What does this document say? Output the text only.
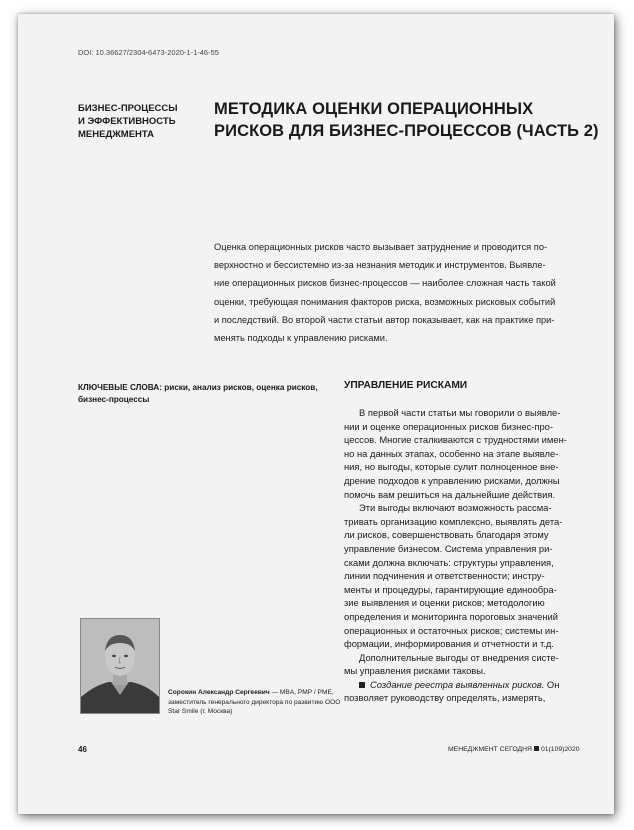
DOI: 10.36627/2304-6473-2020-1-1-46-55
БИЗНЕС-ПРОЦЕССЫ
И ЭФФЕКТИВНОСТЬ
МЕНЕДЖМЕНТА
МЕТОДИКА ОЦЕНКИ ОПЕРАЦИОННЫХ
РИСКОВ ДЛЯ БИЗНЕС-ПРОЦЕССОВ (ЧАСТЬ 2)
Оценка операционных рисков часто вызывает затруднение и проводится по-
верхностно и бессистемно из-за незнания методик и инструментов. Выявле-
ние операционных рисков бизнес-процессов — наиболее сложная часть такой
оценки, требующая понимания факторов риска, возможных рисковых событий
и последствий. Во второй части статьи автор показывает, как на практике при-
менять подходы к управлению рисками.
КЛЮЧЕВЫЕ СЛОВА: риски, анализ рисков, оценка рисков,
бизнес-процессы
Сорокин Александр Сергеевич — MBA, PMP / PME,
заместитель генерального директора по развитию ООО
Star Smile (г. Москва)
УПРАВЛЕНИЕ РИСКАМИ
В первой части статьи мы говорили о выявле-
нии и оценке операционных рисков бизнес-про-
цессов. Многие сталкиваются с трудностями имен-
но на данных этапах, особенно на этапе выявле-
ния, но выгоды, которые сулит полноценное вне-
дрение подходов к управлению рисками, должны
помочь вам решиться на дальнейшие действия.
Эти выгоды включают возможность рассма-
тривать организацию комплексно, выявлять дета-
ли рисков, совершенствовать благодаря этому
управление бизнесом. Система управления ри-
сками должна включать: структуры управления,
линии подчинения и ответственности; инстру-
менты и процедуры, гарантирующие единообра-
зие выявления и оценки рисков; методологию
определения и мониторинга пороговых значений
операционных и остаточных рисков; системы ин-
формации, информирования и отчетности и т.д.
Дополнительные выгоды от внедрения систе-
мы управления рисками таковы.
Создание реестра выявленных рисков. Он
позволяет руководству определять, измерять,
46	МЕНЕДЖМЕНТ СЕГОДНЯ 01(109)2020
